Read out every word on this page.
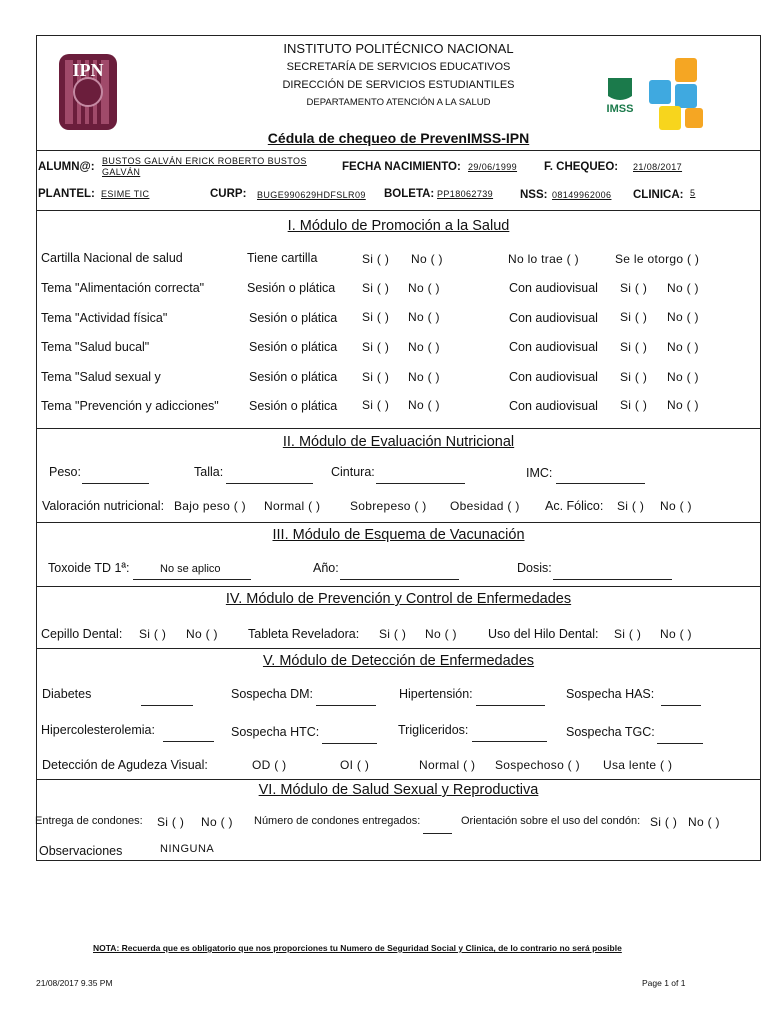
IPN
INSTITUTO POLITÉCNICO NACIONAL
SECRETARÍA DE SERVICIOS EDUCATIVOS
DIRECCIÓN DE SERVICIOS ESTUDIANTILES
DEPARTAMENTO ATENCIÓN A LA SALUD
Cédula de chequeo de PrevenIMSS-IPN
IMSS
ALUMN@: BUSTOS GALVÁN ERICK ROBERTO BUSTOS
GALVÁN	FECHA NACIMIENTO: 29/06/1999 F. CHEQUEO: 21/08/2017
PLANTEL: ESIME TIC	CURP: BUGE990629HDFSLR09 BOLETA: PP18062739 NSS: 08149962006 CLINICA: 5
I. Módulo de Promoción a la Salud
Cartilla Nacional de salud	Tiene cartilla	Si ( ) No ( )	No lo trae ( )	Se le otorgo ( )
Tema "Alimentación correcta"	Sesión o plática Si ( ) No ( )	Con audiovisual Si ( ) No ( )
Tema "Actividad física"	Sesión o plática Si ( ) No ( )	Con audiovisual Si ( ) No ( )
Tema "Salud bucal"	Sesión o plática Si ( ) No ( )	Con audiovisual Si ( ) No ( )
Tema "Salud sexual y	Sesión o plática Si ( ) No ( )	Con audiovisual Si ( ) No ( )
Tema "Prevención y adicciones" Sesión o plática Si ( ) No ( )	Con audiovisual Si ( ) No ( )
II. Módulo de Evaluación Nutricional
Peso:	Talla:	Cintura:	IMC:
Valoración nutricional: Bajo peso ( ) Normal ( ) Sobrepeso ( ) Obesidad ( ) Ac. Fólico: Si ( ) No ( )
III. Módulo de Esquema de Vacunación
Toxoide TD 1ª:	No se aplico	Año:	Dosis:
IV. Módulo de Prevención y Control de Enfermedades
Cepillo Dental: Si ( ) No ( ) Tableta Reveladora: Si ( ) No ( ) Uso del Hilo Dental: Si ( ) No ( )
V. Módulo de Detección de Enfermedades
Diabetes	Sospecha DM:	Hipertensión:	Sospecha HAS:
Hipercolesterolemia:	Sospecha HTC:	Trigliceridos:	Sospecha TGC:
Detección de Agudeza Visual:	OD ( )	OI ( )	Normal ( ) Sospechoso ( ) Usa lente ( )
VI. Módulo de Salud Sexual y Reproductiva
Entrega de condones: Si ( ) No ( ) Número de condones entregados:	Orientación sobre el uso del condón: Si ( ) No ( )
Observaciones	NINGUNA
NOTA: Recuerda que es obligatorio que nos proporciones tu Numero de Seguridad Social y Clinica, de lo contrario no será posible
21/08/2017 9.35 PM	Page 1 of 1
